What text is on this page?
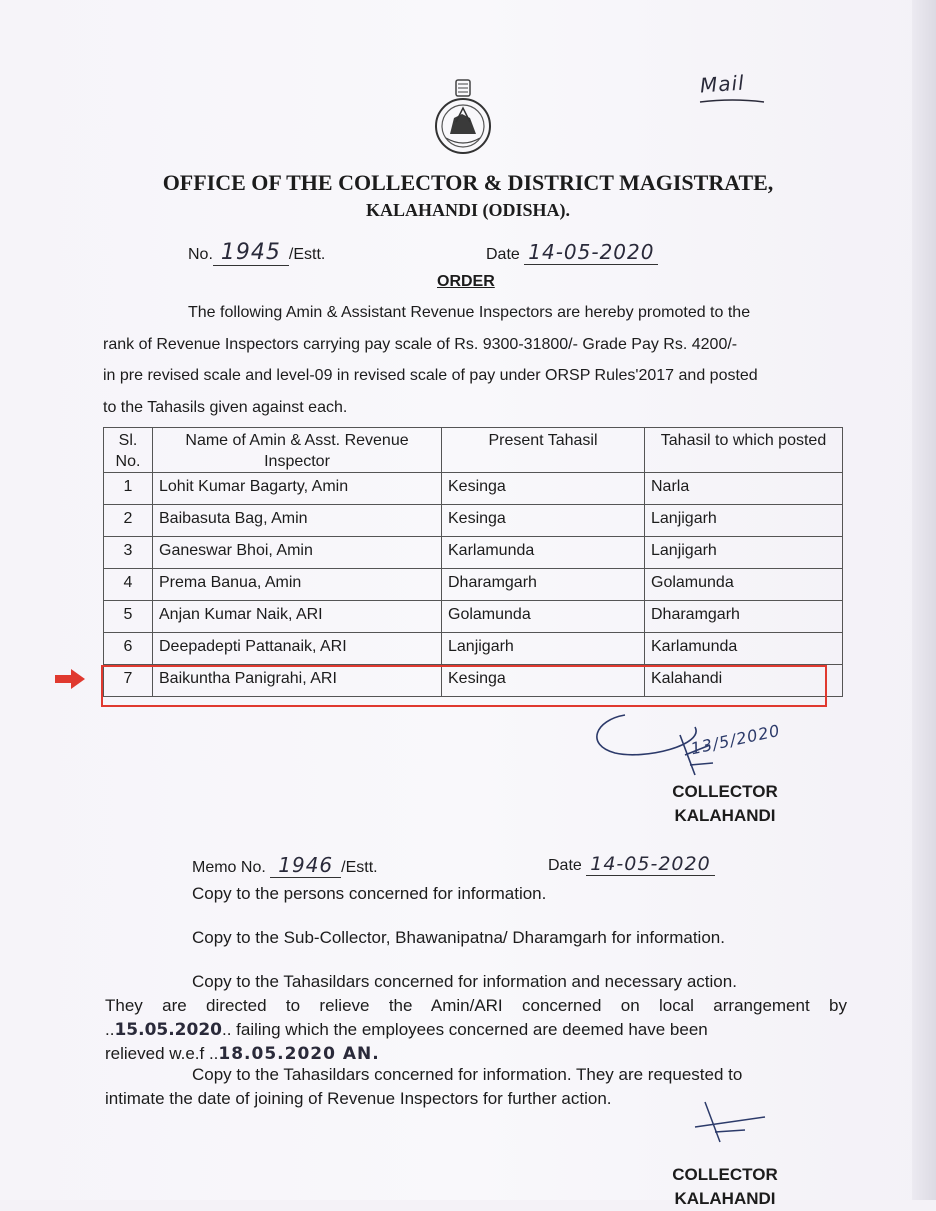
Mail
OFFICE OF THE COLLECTOR & DISTRICT MAGISTRATE,
KALAHANDI (ODISHA).
No. 1945 /Estt.	Date 14-05-2020
ORDER
The following Amin & Assistant Revenue Inspectors are hereby promoted to the
rank of Revenue Inspectors carrying pay scale of Rs. 9300-31800/- Grade Pay Rs. 4200/-
in pre revised scale and level-09 in revised scale of pay under ORSP Rules'2017 and posted
to the Tahasils given against each.
Sl. No.	Name of Amin & Asst. Revenue Inspector	Present Tahasil	Tahasil to which posted
1	Lohit Kumar Bagarty, Amin	Kesinga	Narla
2	Baibasuta Bag, Amin	Kesinga	Lanjigarh
3	Ganeswar Bhoi, Amin	Karlamunda	Lanjigarh
4	Prema Banua, Amin	Dharamgarh	Golamunda
5	Anjan Kumar Naik, ARI	Golamunda	Dharamgarh
6	Deepadepti Pattanaik, ARI	Lanjigarh	Karlamunda
7	Baikuntha Panigrahi, ARI	Kesinga	Kalahandi
13/5/2020
COLLECTOR
KALAHANDI
Memo No. 1946 /Estt.	Date 14-05-2020
Copy to the persons concerned for information.
Copy to the Sub-Collector, Bhawanipatna/ Dharamgarh for information.
Copy to the Tahasildars concerned for information and necessary action.
They are directed to relieve the Amin/ARI concerned on local arrangement by
..15.05.2020.. failing which the employees concerned are deemed have been
relieved w.e.f ..18.05.2020 AN.
Copy to the Tahasildars concerned for information. They are requested to
intimate the date of joining of Revenue Inspectors for further action.
COLLECTOR
KALAHANDI
